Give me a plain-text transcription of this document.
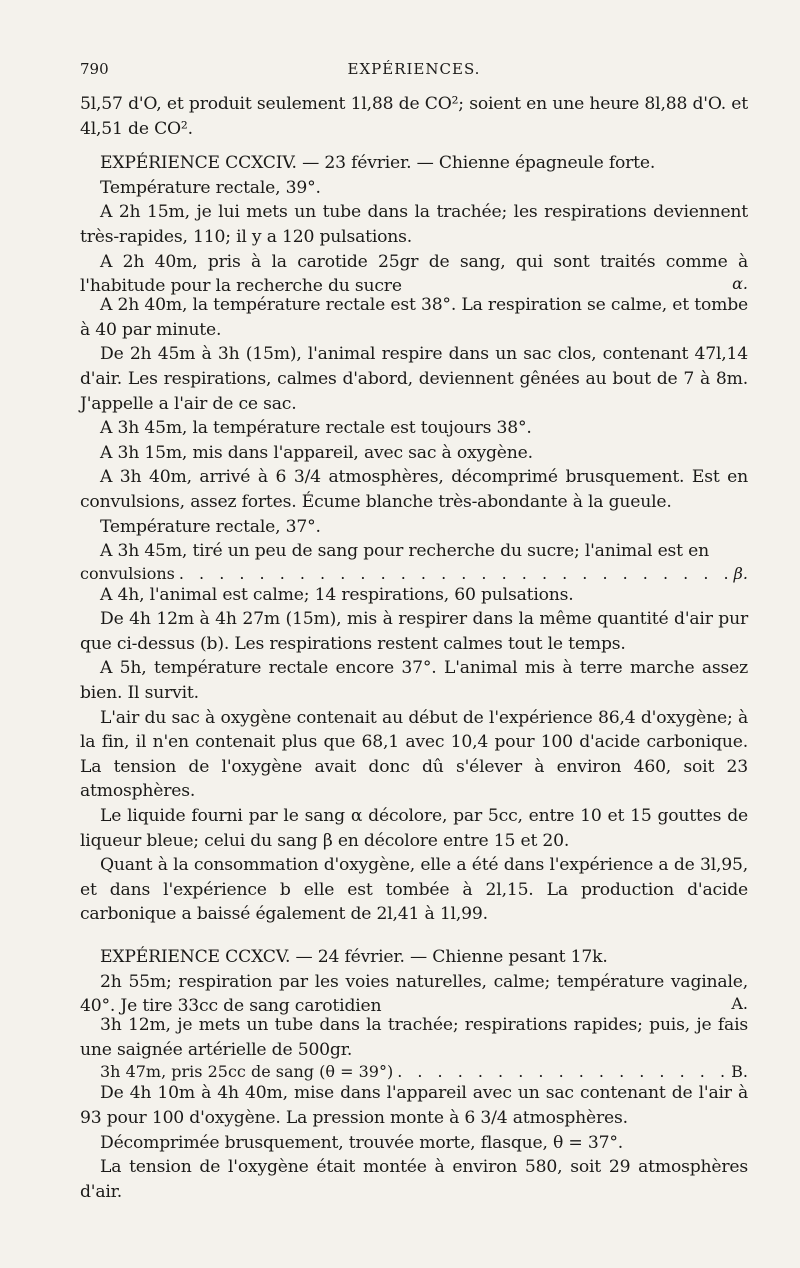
790	EXPÉRIENCES.

5l,57 d'O, et produit seulement 1l,88 de CO²; soient en une heure 8l,88 d'O. et 4l,51 de CO².

EXPÉRIENCE CCXCIV. — 23 février. — Chienne épagneule forte.

Température rectale, 39°.

A 2h 15m, je lui mets un tube dans la trachée; les respirations deviennent très-rapides, 110; il y a 120 pulsations.

A 2h 40m, pris à la carotide 25gr de sang, qui sont traités comme à l'habitude pour la recherche du sucre	α.

A 2h 40m, la température rectale est 38°. La respiration se calme, et tombe à 40 par minute.

De 2h 45m à 3h (15m), l'animal respire dans un sac clos, contenant 47l,14 d'air. Les respirations, calmes d'abord, deviennent gênées au bout de 7 à 8m. J'appelle a l'air de ce sac.

A 3h 45m, la température rectale est toujours 38°.

A 3h 15m, mis dans l'appareil, avec sac à oxygène.

A 3h 40m, arrivé à 6 3/4 atmosphères, décomprimé brusquement. Est en convulsions, assez fortes. Écume blanche très-abondante à la gueule.

Température rectale, 37°.

A 3h 45m, tiré un peu de sang pour recherche du sucre; l'animal est en

convulsions . . .	β.

A 4h, l'animal est calme; 14 respirations, 60 pulsations.

De 4h 12m à 4h 27m (15m), mis à respirer dans la même quantité d'air pur que ci-dessus (b). Les respirations restent calmes tout le temps.

A 5h, température rectale encore 37°. L'animal mis à terre marche assez bien. Il survit.

L'air du sac à oxygène contenait au début de l'expérience 86,4 d'oxygène; à la fin, il n'en contenait plus que 68,1 avec 10,4 pour 100 d'acide carbonique. La tension de l'oxygène avait donc dû s'élever à environ 460, soit 23 atmosphères.

Le liquide fourni par le sang α décolore, par 5cc, entre 10 et 15 gouttes de liqueur bleue; celui du sang β en décolore entre 15 et 20.

Quant à la consommation d'oxygène, elle a été dans l'expérience a de 3l,95, et dans l'expérience b elle est tombée à 2l,15. La production d'acide carbonique a baissé également de 2l,41 à 1l,99.

EXPÉRIENCE CCXCV. — 24 février. — Chienne pesant 17k.

2h 55m; respiration par les voies naturelles, calme; température vaginale, 40°. Je tire 33cc de sang carotidien	A.

3h 12m, je mets un tube dans la trachée; respirations rapides; puis, je fais une saignée artérielle de 500gr.

3h 47m, pris 25cc de sang (θ = 39°) . . .	B.

De 4h 10m à 4h 40m, mise dans l'appareil avec un sac contenant de l'air à 93 pour 100 d'oxygène. La pression monte à 6 3/4 atmosphères.

Décomprimée brusquement, trouvée morte, flasque, θ = 37°.

La tension de l'oxygène était montée à environ 580, soit 29 atmosphères d'air.
